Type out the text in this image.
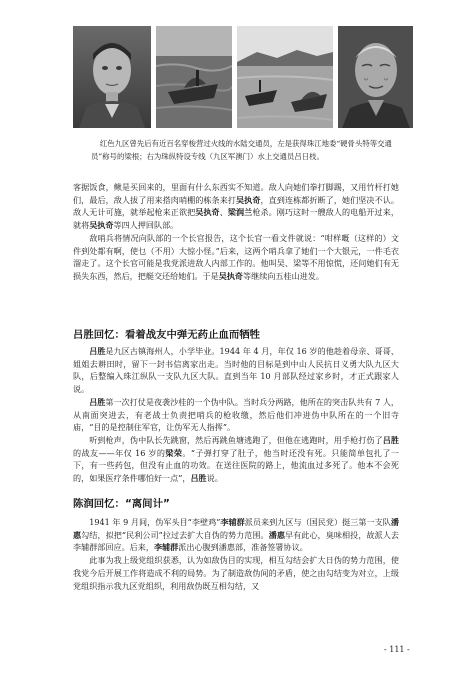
红色九区曾先后有近百名穿梭营过火线的水陆交通员，左是获得珠江地委“硬骨头特等交通员”称号的梁根；右为珠纵特设专线（九区军澳门）水上交通员吕日枝。

客据饭食，鳅是买回来的，里面有什么东西实不知道。敌人向她们拳打脚踢，又用竹杆打她们，最后，敌人拔了用来搭肉哨棚的栋条来打吴执奇，直到连栋都折断了，她们坚决不认。敌人无计可施，就举起枪来正欲把吴执奇、梁润兰枪杀。刚巧这时一艘敌人的电船开过来，就将吴执奇等四人押回队部。

敌哨兵将情况向队部的一个长官报告，这个长官一看文件就说：“咁样嘅（这样的）文件到处都有啊，使乜（不用）大惊小怪。”后来，这两个哨兵拿了她们一个大银元，一件毛衣溜走了。这个长官可能是我党派进敌人内部工作的。他叫吴、梁等不用惊慌，还问她们有无损失东西，然后，把艇交还给她们。于是吴执奇等继续向五桂山进发。

吕胜回忆：看着战友中弹无药止血而牺牲

吕胜是九区古镇海州人，小学毕业。1944 年 4 月，年仅 16 岁的他趁着母亲、哥哥、姐姐去耕田时，留下一封书信离家出走。当时他的目标是到中山人民抗日义勇大队九区大队，后整编入珠江纵队一支队九区大队。直到当年 10 月部队经过家乡时，才正式跟家人说。

吕胜第一次打仗是夜袭沙桂的一个伪中队。当时兵分两路，他所在的突击队共有 7 人，从南面突进去，有老战士负责把哨兵的枪收缴，然后他们冲进伪中队所在的一个旧寺庙，“目的是控制住军官，让伪军无人指挥”。

听到枪声，伪中队长先跳窗，然后再跳鱼塘逃跑了，但他在逃跑时，用手枪打伤了吕胜的战友——年仅 16 岁的梁荣。“子弹打穿了肚子，他当时还没有死。只能简单包扎了一下，有一些药包，但没有止血的功效。在送往医院的路上，他流血过多死了。他本不会死的，如果医疗条件哪怕好一点”，吕胜说。

陈润回忆：“离间计”

1941 年 9 月间，伪军头目“李壁鸡”李辅群派员来到九区与（国民党）挺三第一支队潘惠勾结，拟把“民利公司”拉过去扩大自伪的势力范围。潘惠早有此心，臭味相投，故派人去李辅群部回应。后来，李辅群派出心腹到潘惠部，准备签署协议。

此事为我上级党组织获悉，认为如敌伪目的实现，相互勾结会扩大日伪的势力范围，使我党今后开展工作将造成不利的局势。为了制造敌伪间的矛盾，使之由勾结变为对立，上级党组织指示我九区党组织，利用敌伪既互相勾结，又

- 111 -
